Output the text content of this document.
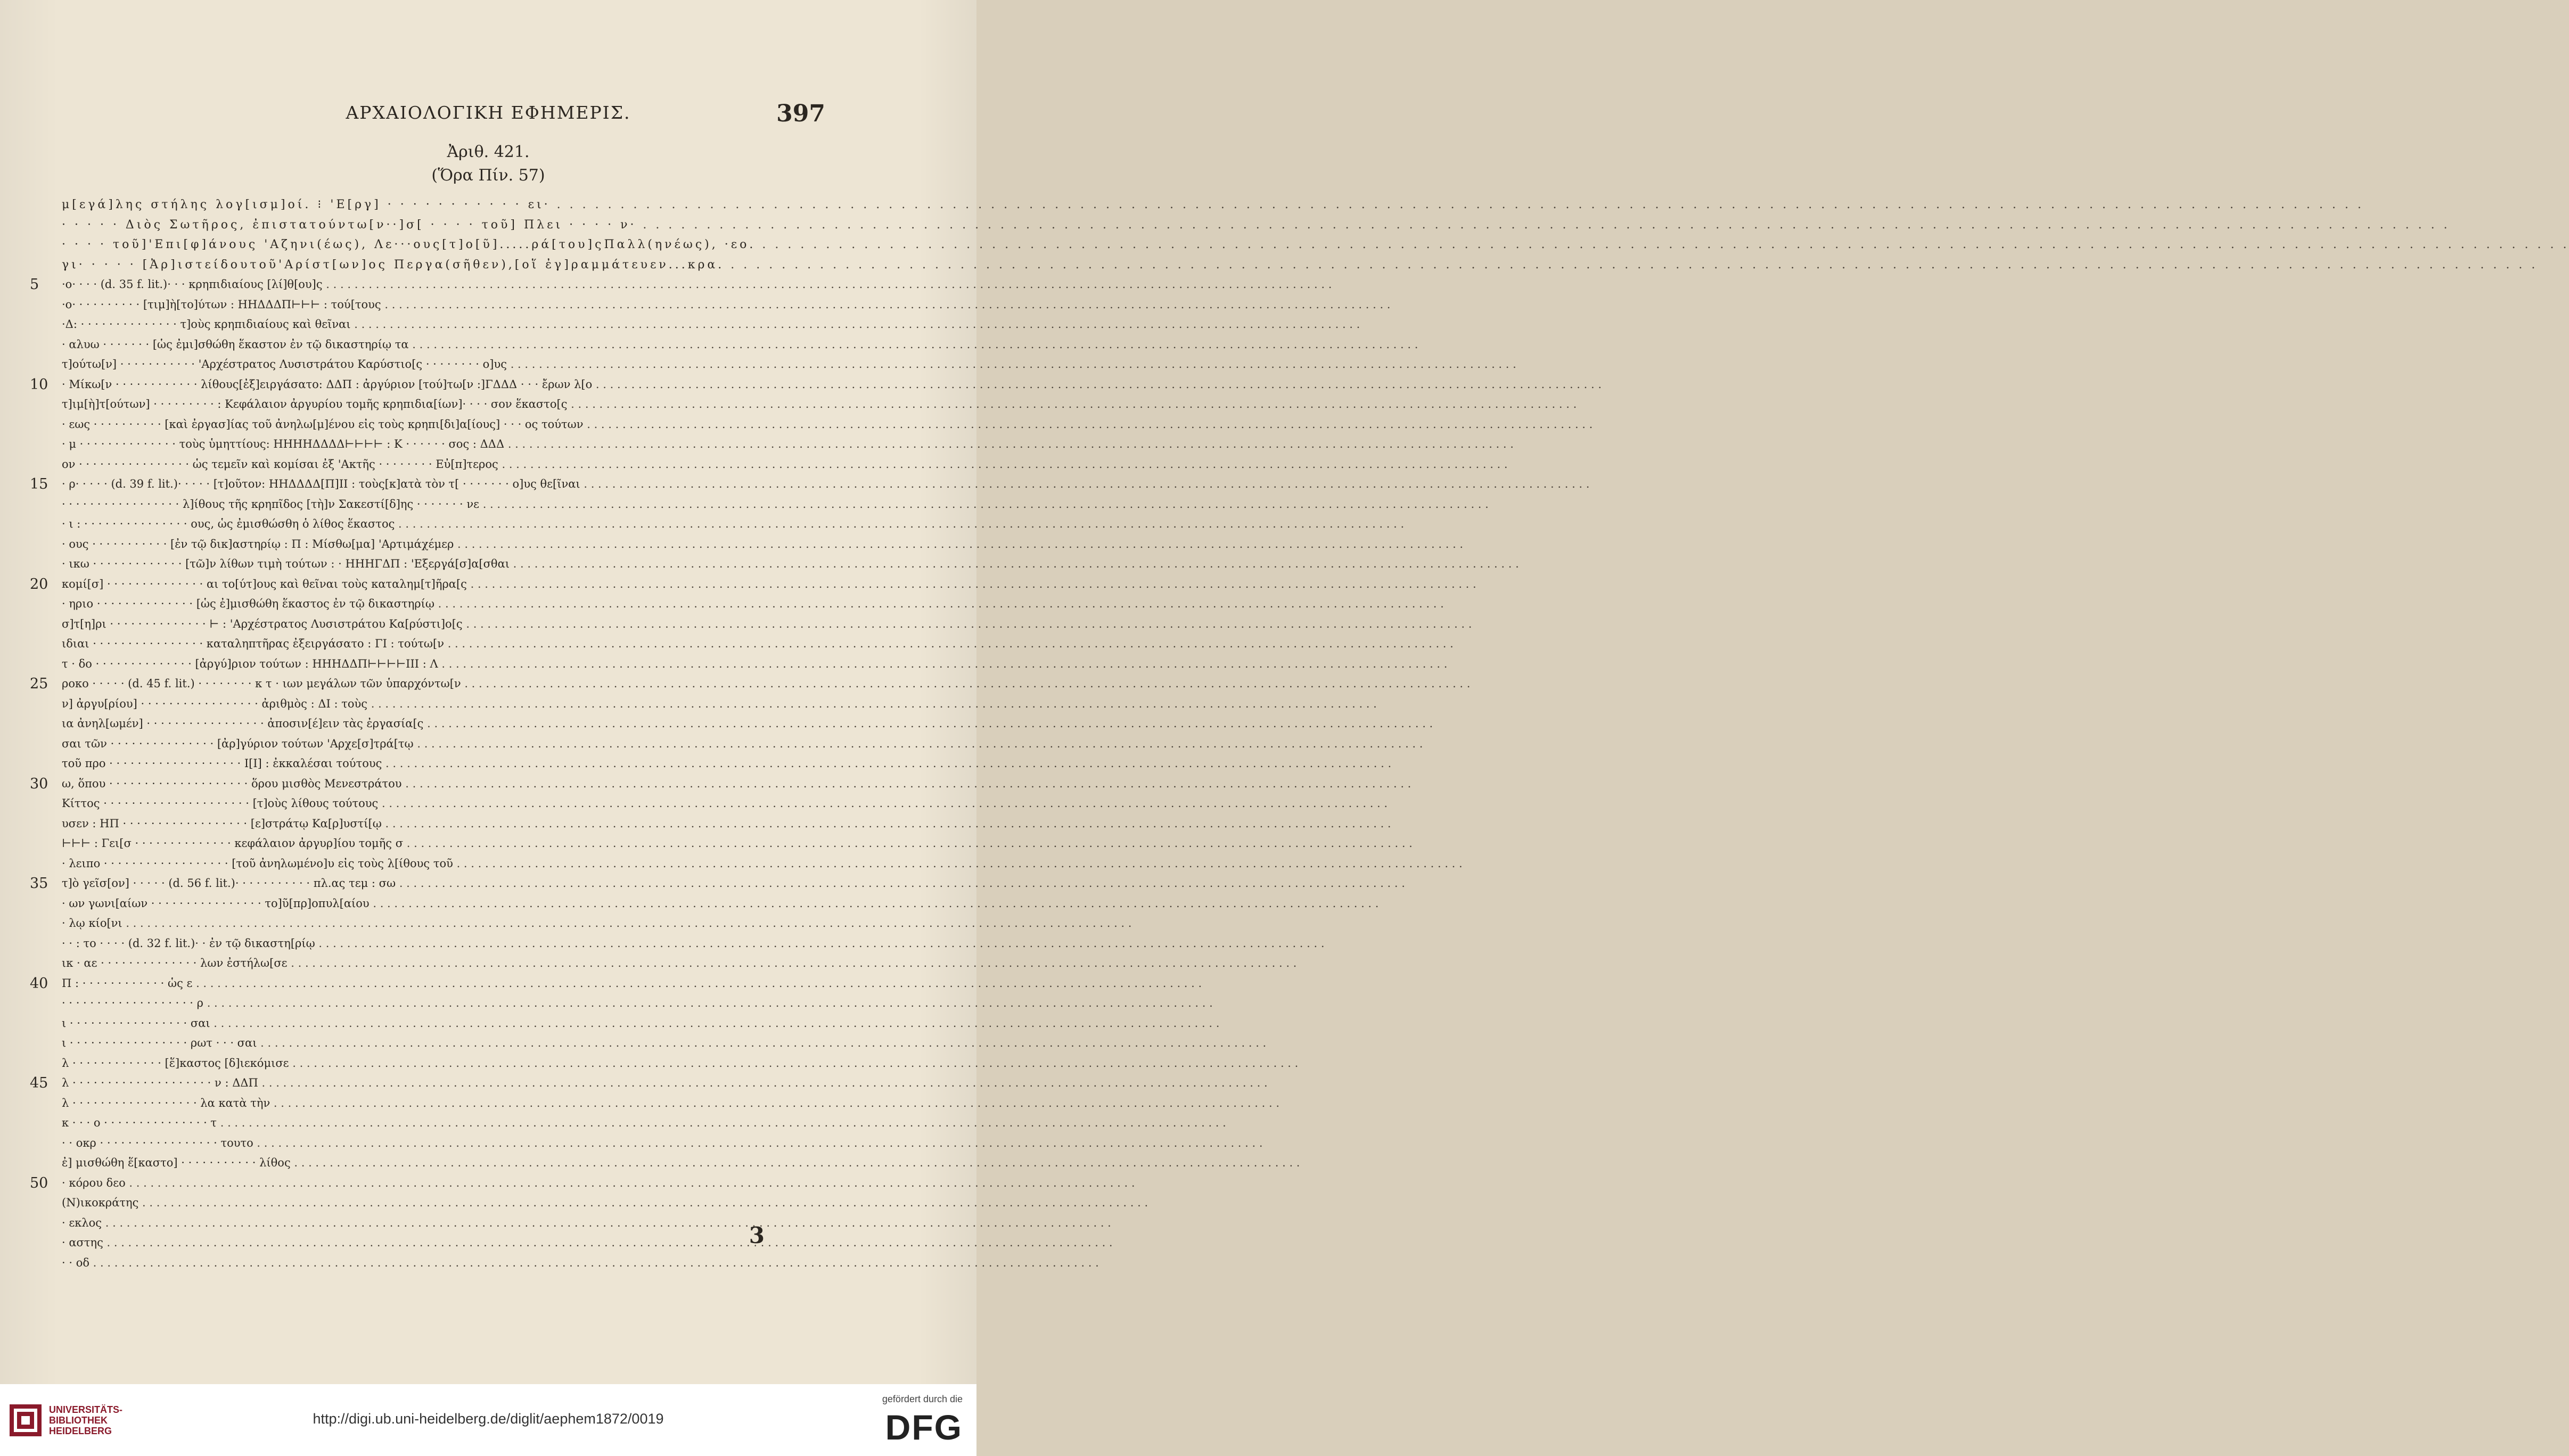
ΑΡΧΑΙΟΛΟΓΙΚΗ ΕΦΗΜΕΡΙΣ.	397
Ἀριθ. 421.
(Ὅρα Πίν. 57)
μ[εγά]λης στήλης λογ[ισμ]οί. ⁝ 'Ε[ργ] · · · · · · · · · · · ει· . . .
· · · · · Διὸς Σωτῆρος, ἐπιστατούντω[ν··]σ[ · · · · τοῦ] Πλει · · · · ν· . . .
· · · · τοῦ]'Επι[φ]άνους 'Αζηνι(έως), Λε···ους[τ]ο[ῦ].....ρά[του]ςΠαλλ(ηνέως), ·εο. . . .
γι· · · · · [Ἀρ]ιστείδουτοῦ'Αρίστ[ων]ος Περγα(σῆθεν),[οἵ ἐγ]ραμμάτευεν...κρα. . . .
5	·ο· · · · (d. 35 f. lit.)· · · κρηπιδιαίους [λί]θ[ου]ς . . .
·ο· · · · · · · · · · [τιμ]ὴ[το]ύτων : ΗΗΔΔΔΠ⊢⊢⊢ : τού[τους . . .
·Δ: · · · · · · · · · · · · · · τ]οὺς κρηπιδιαίους καὶ θεῖναι . . .
· αλυω · · · · · · · [ὡς ἐμι]σθώθη ἕκαστον ἐν τῷ δικαστηρίῳ τα . . .
τ]ούτω[ν] · · · · · · · · · · · 'Αρχέστρατος Λυσιστράτου Καρύστιο[ς · · · · · · · · ο]υς . . .
10 · Μίκω[ν · · · · · · · · · · · · λίθους[ἐξ]ειργάσατο: ΔΔΠ : ἀργύριον [τού]τω[ν :]ΓΔΔΔ · · · ἔρων λ[ο . . .
τ]ιμ[ὴ]τ[ούτων] · · · · · · · · · : Κεφάλαιον ἀργυρίου τομῆς κρηπιδια[ίων]· · · · σον ἕκαστο[ς . . .
· εως · · · · · · · · · · [καὶ ἐργασ]ίας τοῦ ἀνηλω[μ]ένου εἰς τοὺς κρηπι[δι]α[ίους] · · · ος τούτων . . .
· μ · · · · · · · · · · · · · · τοὺς ὑμηττίους: ΗΗΗΗΔΔΔΔ⊢⊢⊢⊢ : Κ · · · · · · σος : ΔΔΔ . . .
ον · · · · · · · · · · · · · · · · ὡς τεμεῖν καὶ κομίσαι ἐξ 'Ακτῆς · · · · · · · · Εὐ[π]τερος . . .
15 · ρ· · · · · (d. 39 f. lit.)· · · · · [τ]οῦτον: ΗΗΔΔΔΔ[Π]ΙΙ : τοὺς[κ]ατὰ τὸν τ[ · · · · · · · ο]υς θε[ῖναι . . .
· · · · · · · · · · · · · · · · · λ]ίθους τῆς κρηπῖδος [τὴ]ν Σακεστί[δ]ης · · · · · · · νε . . .
· ι : · · · · · · · · · · · · · · · ους, ὡς ἐμισθώσθη ὁ λίθος ἕκαστος . . .
· ους · · · · · · · · · · · [ἐν τῷ δικ]αστηρίῳ : Π : Μίσθω[μα] 'Αρτιμάχέμερ . . .
· ικω · · · · · · · · · · · · · [τῶ]ν λίθων τιμὴ τούτων : · ΗΗΗΓΔΠ : 'Εξεργά[σ]α[σθαι . . .
20 κομί[σ] · · · · · · · · · · · · · · αι το[ύτ]ους καὶ θεῖναι τοὺς καταλημ[τ]ῆρα[ς . . .
· ηριο · · · · · · · · · · · · · · [ὡς ἐ]μισθώθη ἕκαστος ἐν τῷ δικαστηρίῳ . . .
σ]τ[η]ρι · · · · · · · · · · · · · · ⊢ : 'Αρχέστρατος Λυσιστράτου Κα[ρύστι]ο[ς . . .
ιδιαι · · · · · · · · · · · · · · · · καταληπτῆρας ἐξειργάσατο : ΓΙ : τούτω[ν . . .
τ · δο · · · · · · · · · · · · · · [ἀργύ]ριον τούτων : ΗΗΗΔΔΠ⊢⊢⊢⊢ΙΙΙ : Λ . . .
25 ροκο · · · · · (d. 45 f. lit.) · · · · · · · · κ τ · ιων μεγάλων τῶν ὑπαρχόντω[ν . . .
ν] ἀργυ[ρίου] · · · · · · · · · · · · · · · · · ἀριθμὸς : ΔΙ : τοὺς . . .
ια ἀνηλ[ωμέν] · · · · · · · · · · · · · · · · · ἀποσιν[έ]ειν τὰς ἐργασία[ς . . .
σαι τῶν · · · · · · · · · · · · · · · [ἀρ]γύριον τούτων 'Αρχε[σ]τρά[τῳ . . .
τοῦ προ · · · · · · · · · · · · · · · · · · · Ι[Ι] : ἐκκαλέσαι τούτους . . .
30 ω, ὅπου · · · · · · · · · · · · · · · · · · · · ὅρου μισθὸς Μενεστράτου . . .
Κίττος · · · · · · · · · · · · · · · · · · · · · [τ]οὺς λίθους τούτους . . .
υσεν : ΗΠ · · · · · · · · · · · · · · · · · · [ε]στράτῳ Κα[ρ]υστί[ῳ . . .
⊢⊢⊢ : Γει[σ · · · · · · · · · · · · · · κεφάλαιον ἀργυρ]ίου τομῆς σ . . .
· λειπο · · · · · · · · · · · · · · · · · · [τοῦ ἀνηλωμένο]υ εἰς τοὺς λ[ίθους τοῦ . . .
35 τ]ὸ γεῖσ[ον] · · · · · (d. 56 f. lit.)· · · · · · · · · · · πλ.ας τεμ : σω . . .
· ων γωνι[αίων · · · · · · · · · · · · · · · · το]ῦ[πρ]οπυλ[αίου . . .
· λῳ κίο[νι . . .
· · : το · · · · (d. 32 f. lit.)· · ἐν τῷ δικαστη[ρίῳ . . .
ικ · αε · · · · · · · · · · · · · · λων ἐστήλω[σε . . .
40 Π : · · · · · · · · · · · · ὡς ε . . .
· · · · · · · · · · · · · · · · · · · ρ . . .
ι · · · · · · · · · · · · · · · · · σαι . . .
ι · · · · · · · · · · · · · · · · · ρωτ · · · σαι . . .
λ · · · · · · · · · · · · · [ἕ]καστος [δ]ιεκόμισε . . .
45 λ · · · · · · · · · · · · · · · · · · · · ν : ΔΔΠ . . .
λ · · · · · · · · · · · · · · · · · · λα κατὰ τὴν . . .
κ · · · ο · · · · · · · · · · · · · · · τ . . .
· · οκρ · · · · · · · · · · · · · · · · · τουτο . . .
ἐ] μισθώθη ἕ[καστο] · · · · · · · · · · · λίθος . . .
50 · κόρου δεο . . .
(Ν)ικοκράτης . . .
· εκλος . . .
· αστης . . .
· · οδ . . .
3
UNIVERSITÄTS-
BIBLIOTHEK
HEIDELBERG
http://digi.ub.uni-heidelberg.de/diglit/aephem1872/0019
gefördert durch die
DFG
